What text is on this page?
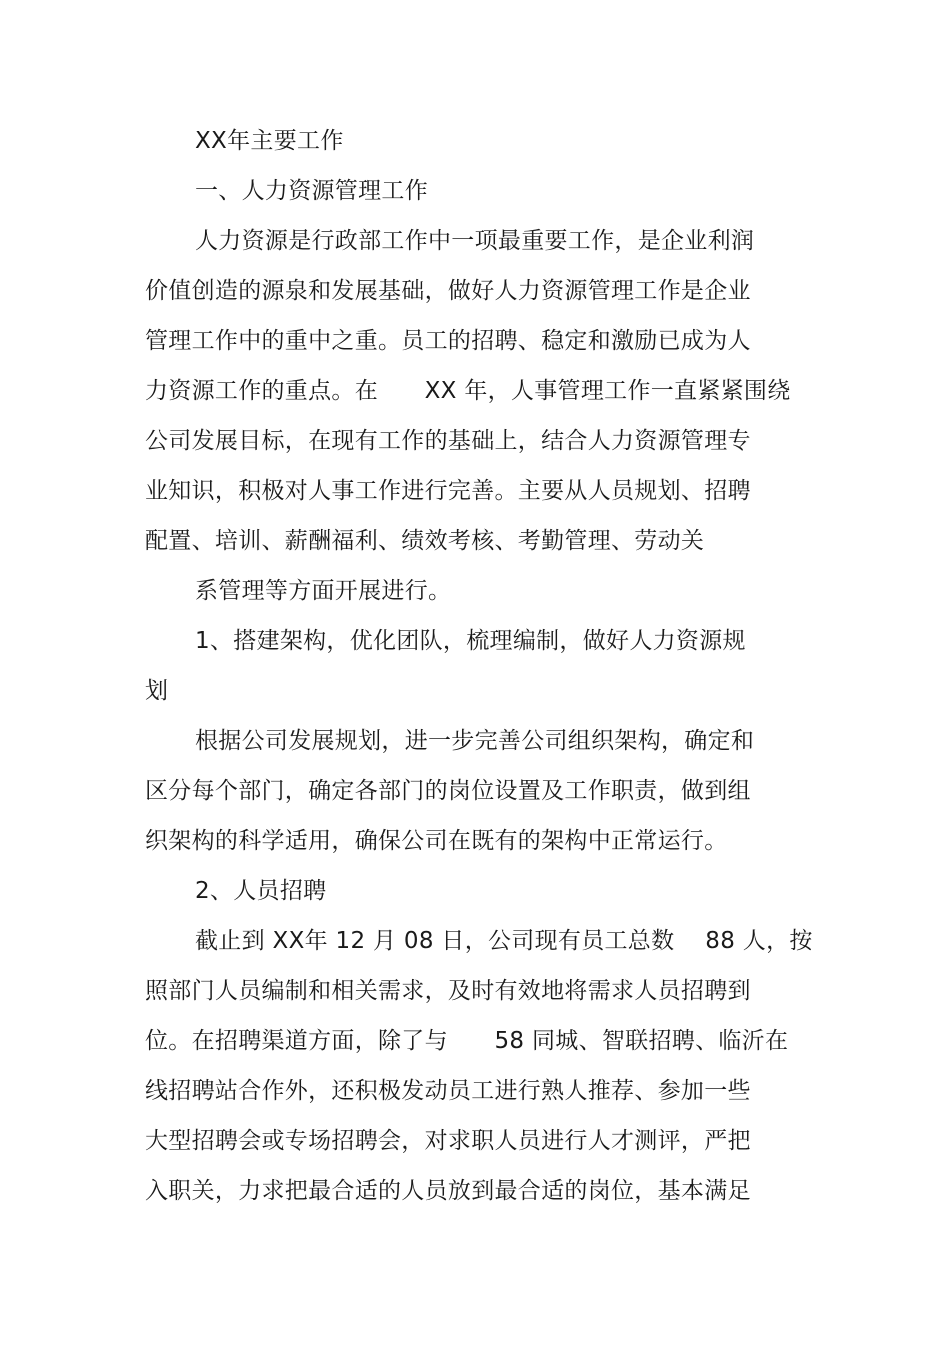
XX年主要工作
一、人力资源管理工作
人力资源是行政部工作中一项最重要工作，是企业利润
价值创造的源泉和发展基础，做好人力资源管理工作是企业
管理工作中的重中之重。员工的招聘、稳定和激励已成为人
力资源工作的重点。在　　XX 年，人事管理工作一直紧紧围绕
公司发展目标，在现有工作的基础上，结合人力资源管理专
业知识，积极对人事工作进行完善。主要从人员规划、招聘
配置、培训、薪酬福利、绩效考核、考勤管理、劳动关
系管理等方面开展进行。
1、搭建架构，优化团队，梳理编制，做好人力资源规
划
根据公司发展规划，进一步完善公司组织架构，确定和
区分每个部门，确定各部门的岗位设置及工作职责，做到组
织架构的科学适用，确保公司在既有的架构中正常运行。
2、人员招聘
截止到 XX年 12 月 08 日，公司现有员工总数　 88 人，按
照部门人员编制和相关需求，及时有效地将需求人员招聘到
位。在招聘渠道方面，除了与　　58 同城、智联招聘、临沂在
线招聘站合作外，还积极发动员工进行熟人推荐、参加一些
大型招聘会或专场招聘会，对求职人员进行人才测评，严把
入职关，力求把最合适的人员放到最合适的岗位，基本满足
